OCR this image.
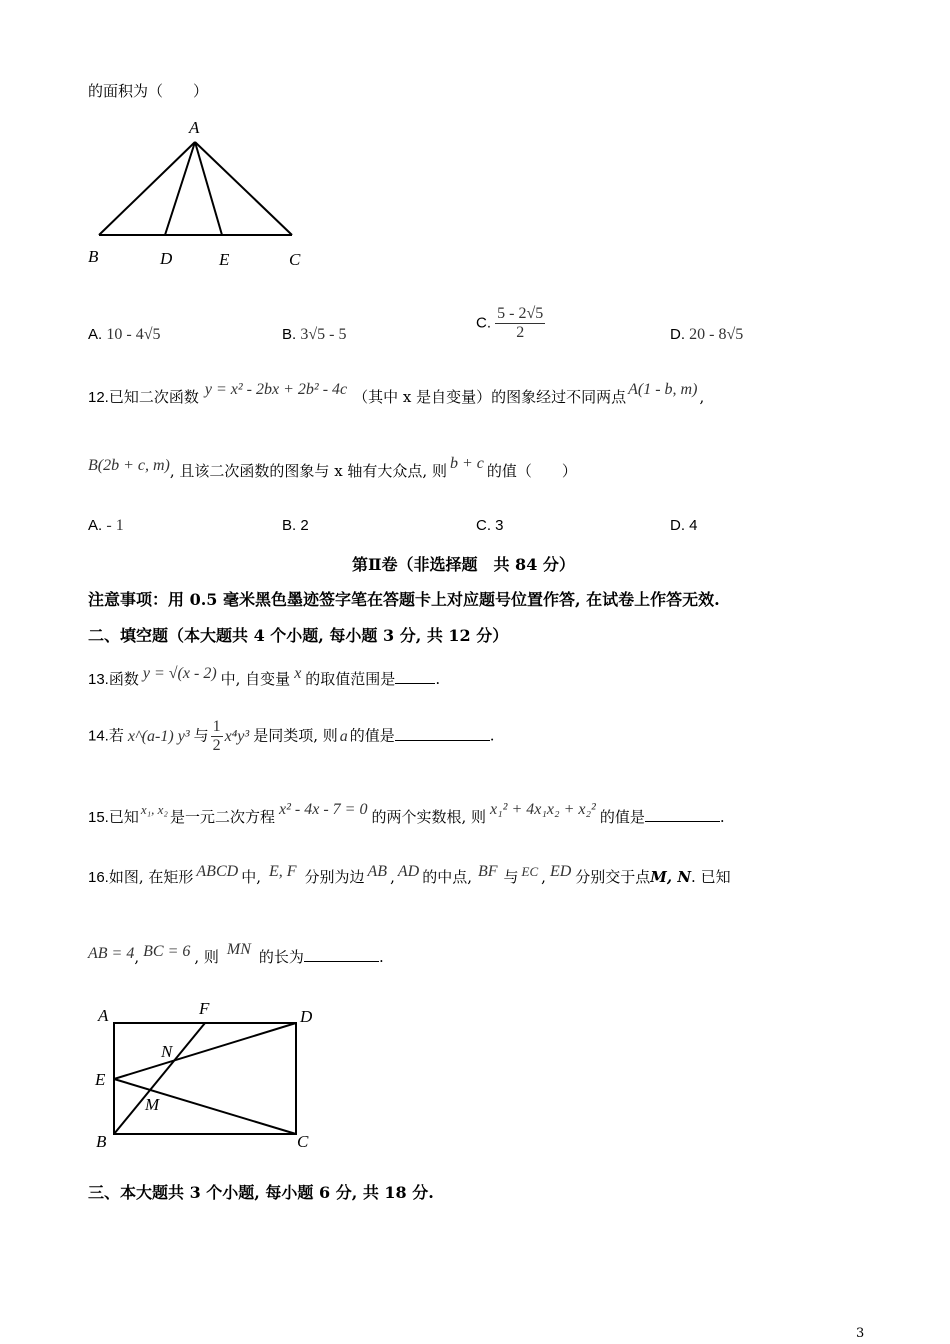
的面积为（　　）
A
B	D	E	C
A. 10 - 4√5	B. 3√5 - 5
C. $\frac{5 - 2√5}{2}$	D. 20 - 8√5
12.已知二次函数 y = x² - 2bx + 2b² - 4c （其中 x 是自变量）的图象经过不同两点 A(1 - b, m) ,
B(2b + c, m), 且该二次函数的图象与 x 轴有大众点, 则 b + c 的值（　　）
A. - 1	B. 2	C. 3	D. 4
第Ⅱ卷（非选择题　共 84 分）
注意事项：用 0.5 毫米黑色墨迹签字笔在答题卡上对应题号位置作答, 在试卷上作答无效.
二、填空题（本大题共 4 个小题, 每小题 3 分, 共 12 分）
13.函数 y = √(x - 2) 中, 自变量 x 的取值范围是	.
14.若 x^(a-1) y³ 与 $\frac{1}{2} x^4y^3$ 是同类项, 则 a 的值是	.
15.已知 x₁, x₂ 是一元二次方程 x² - 4x - 7 = 0 的两个实数根, 则 x₁² + 4x₁x₂ + x₂² 的值是	.
16.如图, 在矩形 ABCD 中, E, F 分别为边 AB , AD 的中点, BF 与 EC , ED 分别交于点M, N. 已知
AB = 4, BC = 6 , 则 MN 的长为	.
A	F	D
N
E
M
B	C
三、本大题共 3 个小题, 每小题 6 分, 共 18 分.
3
